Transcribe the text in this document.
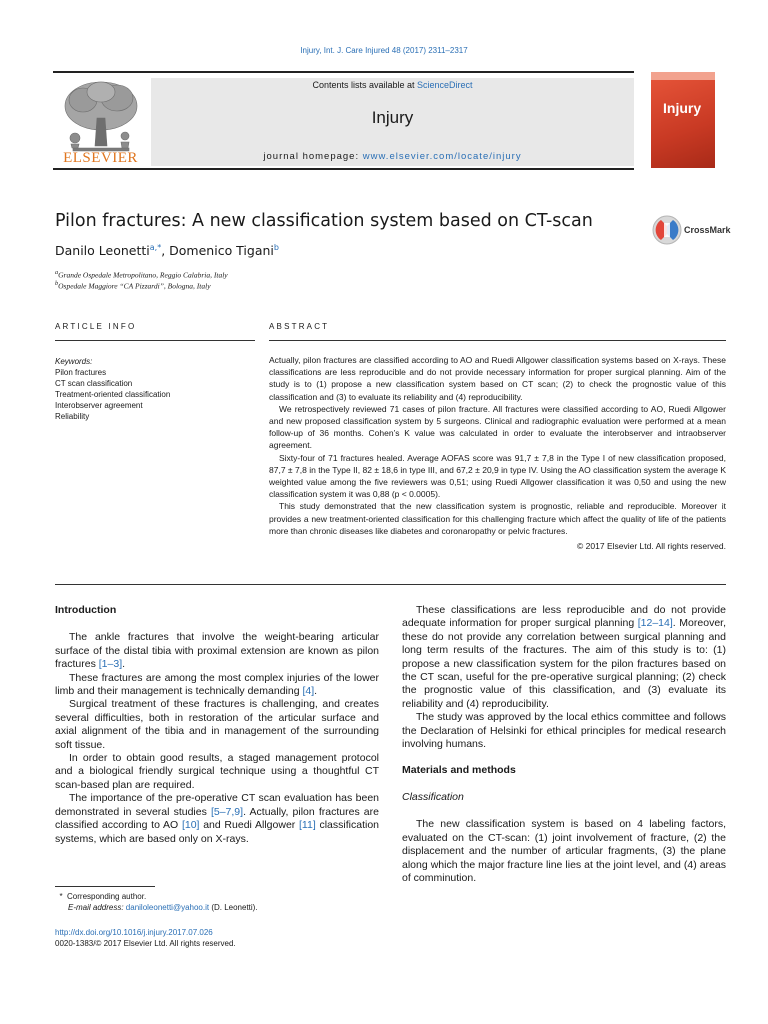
Injury, Int. J. Care Injured 48 (2017) 2311–2317
ELSEVIER
Contents lists available at ScienceDirect
Injury
journal homepage: www.elsevier.com/locate/injury
Injury
Pilon fractures: A new classification system based on CT-scan	CrossMark
Danilo Leonetti$^{a,*}$, Domenico Tigani$^b$
$^a$Grande Ospedale Metropolitano, Reggio Calabria, Italy
$^b$Ospedale Maggiore “CA Pizzardi”, Bologna, Italy
ARTICLE INFO	ABSTRACT
Keywords:
Pilon fractures
CT scan classification
Treatment-oriented classification
Interobserver agreement
Reliability

Actually, pilon fractures are classified according to AO and Ruedi Allgower classification systems based on X-rays. These classifications are less reproducible and do not provide necessary information for proper surgical planning. Aim of the study is to (1) propose a new classification system based on CT scan; (2) to check the prognostic value of this classification and (3) to evaluate its reliability and (4) reproducibility.

We retrospectively reviewed 71 cases of pilon fracture. All fractures were classified according to AO, Ruedi Allgower and new proposed classification system by 5 surgeons. Clinical and radiographic evaluation were performed at a mean follow-up of 36 months. Cohen’s K value was calculated in order to evaluate the interobserver and intraobserver agreement.

Sixty-four of 71 fractures healed. Average AOFAS score was 91,7 ± 7,8 in the Type I of new classification proposed, 87,7 ± 7,8 in the Type II, 82 ± 18,6 in type III, and 67,2 ± 20,9 in type IV. Using the AO classification system the average K weighted value among the five reviewers was 0,51; using Ruedi Allgower classification it was 0,50 and using the new classification system it was 0,88 (p < 0.0005).

This study demonstrated that the new classification system is prognostic, reliable and reproducible. Moreover it provides a new treatment-oriented classification for this challenging fracture which affect the quality of life of the patients more than chronic diseases like diabetes and coronaropathy or pelvic fractures.

© 2017 Elsevier Ltd. All rights reserved.

Introduction

The ankle fractures that involve the weight-bearing articular surface of the distal tibia with proximal extension are known as pilon fractures [1–3].

These fractures are among the most complex injuries of the lower limb and their management is technically demanding [4].

Surgical treatment of these fractures is challenging, and creates several difficulties, both in restoration of the articular surface and axial alignment of the tibia and in management of the surrounding soft tissue.

In order to obtain good results, a staged management protocol and a biological friendly surgical technique using a thoughtful CT scan-based plan are required.

The importance of the pre-operative CT scan evaluation has been demonstrated in several studies [5–7,9]. Actually, pilon fractures are classified according to AO [10] and Ruedi Allgower [11] classification systems, which are based only on X-rays.

These classifications are less reproducible and do not provide adequate information for proper surgical planning [12–14]. Moreover, these do not provide any correlation between surgical planning and long term results of the fractures. The aim of this study is to: (1) propose a new classification system for the pilon fractures based on the CT scan, useful for the pre-operative surgical planning; (2) check the prognostic value of this classification, and (3) evaluate its reliability and (4) reproducibility.

The study was approved by the local ethics committee and follows the Declaration of Helsinki for ethical principles for medical research involving humans.

Materials and methods
Classification

The new classification system is based on 4 labeling factors, evaluated on the CT-scan: (1) joint involvement of fracture, (2) the displacement and the number of articular fragments, (3) the plane along which the major fracture line lies at the joint level, and (4) areas of comminution.

* Corresponding author.
E-mail address: daniloleonetti@yahoo.it (D. Leonetti).
http://dx.doi.org/10.1016/j.injury.2017.07.026
0020-1383/© 2017 Elsevier Ltd. All rights reserved.
